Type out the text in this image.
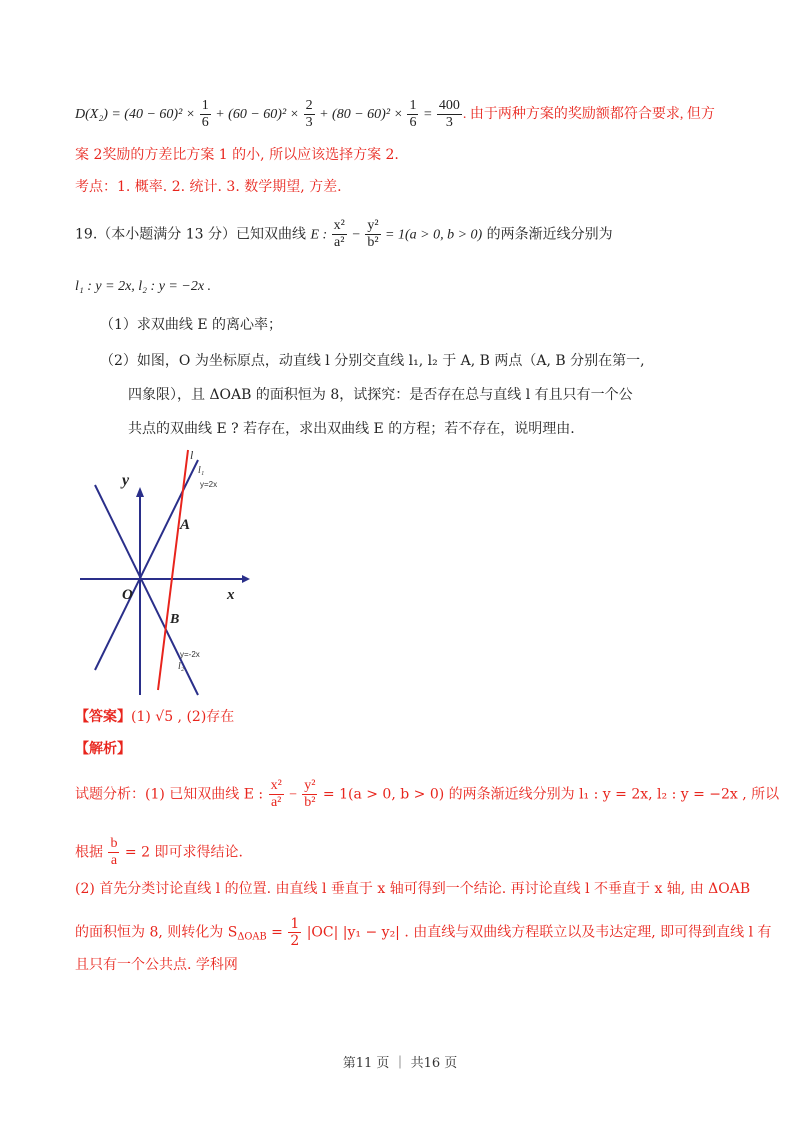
$D(X_2) = (40 - 60)^2 \times \frac{1}{6} + (60 - 60)^2 \times \frac{2}{3} + (80 - 60)^2 \times \frac{1}{6} = \frac{400}{3}$ . 由于两种方案的奖励额都符合要求, 但方
案 2奖励的方差比方案 1 的小, 所以应该选择方案 2.
考点：1. 概率. 2. 统计. 3. 数学期望, 方差.
19.（本小题满分 13 分）已知双曲线 E : $\frac{\text{x²}}{\text{a²}} - \frac{\text{y²}}{\text{b²}} = 1(a > 0$, b > 0) 的两条渐近线分别为
l₁ : y = 2x, l₂ : y = −2x .
（1）求双曲线 E 的离心率；
（2）如图，O 为坐标原点，动直线 l 分别交直线 l₁, l₂ 于 A, B 两点（A, B 分别在第一,
四象限），且 ΔOAB 的面积恒为 8，试探究：是否存在总与直线 l 有且只有一个公
共点的双曲线 E ? 若存在，求出双曲线 E 的方程；若不存在，说明理由.
l
l₁
y=2x
y
A
O	x
B
y=-2x
l₂
【答案】(1) √5 , (2)存在
【解析】
试题分析：(1) 已知双曲线 E : $\frac{\text{x²}}{\text{a²}} - \frac{\text{y²}}{\text{b²}} = 1(a > 0$, b > 0) 的两条渐近线分别为 l₁ : y = 2x, l₂ : y = −2x , 所以
根据 $\frac{b}{a} = 2$ 即可求得结论.
(2) 首先分类讨论直线 l 的位置. 由直线 l 垂直于 x 轴可得到一个结论. 再讨论直线 l 不垂直于 x 轴, 由 ΔOAB
的面积恒为 8, 则转化为 $S_{\Delta OAB} = \frac{1}{2} |OC|$ |y₁ − y₂| . 由直线与双曲线方程联立以及韦达定理, 即可得到直线 l 有
且只有一个公共点. 学科网
第11 页 ｜ 共16 页
